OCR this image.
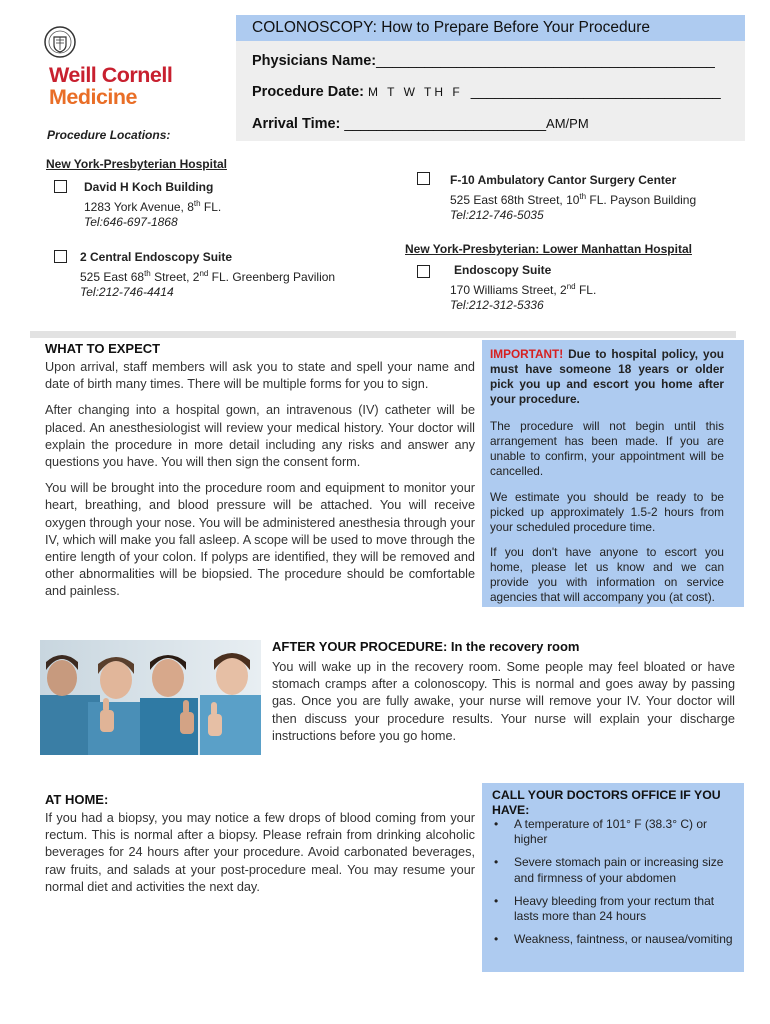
COLONOSCOPY: How to Prepare Before Your Procedure
Physicians Name:__________________________________________
Procedure Date: M T W TH F _______________________________
Arrival Time: _________________________AM/PM
Weill Cornell
Medicine
Procedure Locations:
New York-Presbyterian Hospital
David H Koch Building
1283 York Avenue, 8th FL.
Tel:646-697-1868
2 Central Endoscopy Suite
525 East 68th Street, 2nd FL. Greenberg Pavilion
Tel:212-746-4414
F-10 Ambulatory Cantor Surgery Center
525 East 68th Street, 10th FL. Payson Building
Tel:212-746-5035
New York-Presbyterian: Lower Manhattan Hospital
Endoscopy Suite
170 Williams Street, 2nd FL.
Tel:212-312-5336
WHAT TO EXPECT

Upon arrival, staff members will ask you to state and spell your name and date of birth many times. There will be multiple forms for you to sign.

After changing into a hospital gown, an intravenous (IV) catheter will be placed. An anesthesiologist will review your medical history. Your doctor will explain the procedure in more detail including any risks and answer any questions you have. You will then sign the consent form.

You will be brought into the procedure room and equipment to monitor your heart, breathing, and blood pressure will be attached. You will receive oxygen through your nose. You will be administered anesthesia through your IV, which will make you fall asleep. A scope will be used to move through the entire length of your colon. If polyps are identified, they will be removed and other abnormalities will be biopsied. The procedure should be comfortable and painless.

IMPORTANT! Due to hospital policy, you must have someone 18 years or older pick you up and escort you home after your procedure.
The procedure will not begin until this arrangement has been made. If you are unable to confirm, your appointment will be cancelled.
We estimate you should be ready to be picked up approximately 1.5-2 hours from your scheduled procedure time.
If you don't have anyone to escort you home, please let us know and we can provide you with information on service agencies that will accompany you (at cost).
AFTER YOUR PROCEDURE: In the recovery room

You will wake up in the recovery room. Some people may feel bloated or have stomach cramps after a colonoscopy. This is normal and goes away by passing gas. Once you are fully awake, your nurse will remove your IV. Your doctor will then discuss your procedure results. Your nurse will explain your discharge instructions before you go home.

AT HOME:

If you had a biopsy, you may notice a few drops of blood coming from your rectum. This is normal after a biopsy. Please refrain from drinking alcoholic beverages for 24 hours after your procedure. Avoid carbonated beverages, raw fruits, and salads at your post-procedure meal. You may resume your normal diet and activities the next day.

CALL YOUR DOCTORS OFFICE IF YOU HAVE:
• A temperature of 101° F (38.3° C) or higher
• Severe stomach pain or increasing size and firmness of your abdomen
• Heavy bleeding from your rectum that lasts more than 24 hours
• Weakness, faintness, or nausea/vomiting
